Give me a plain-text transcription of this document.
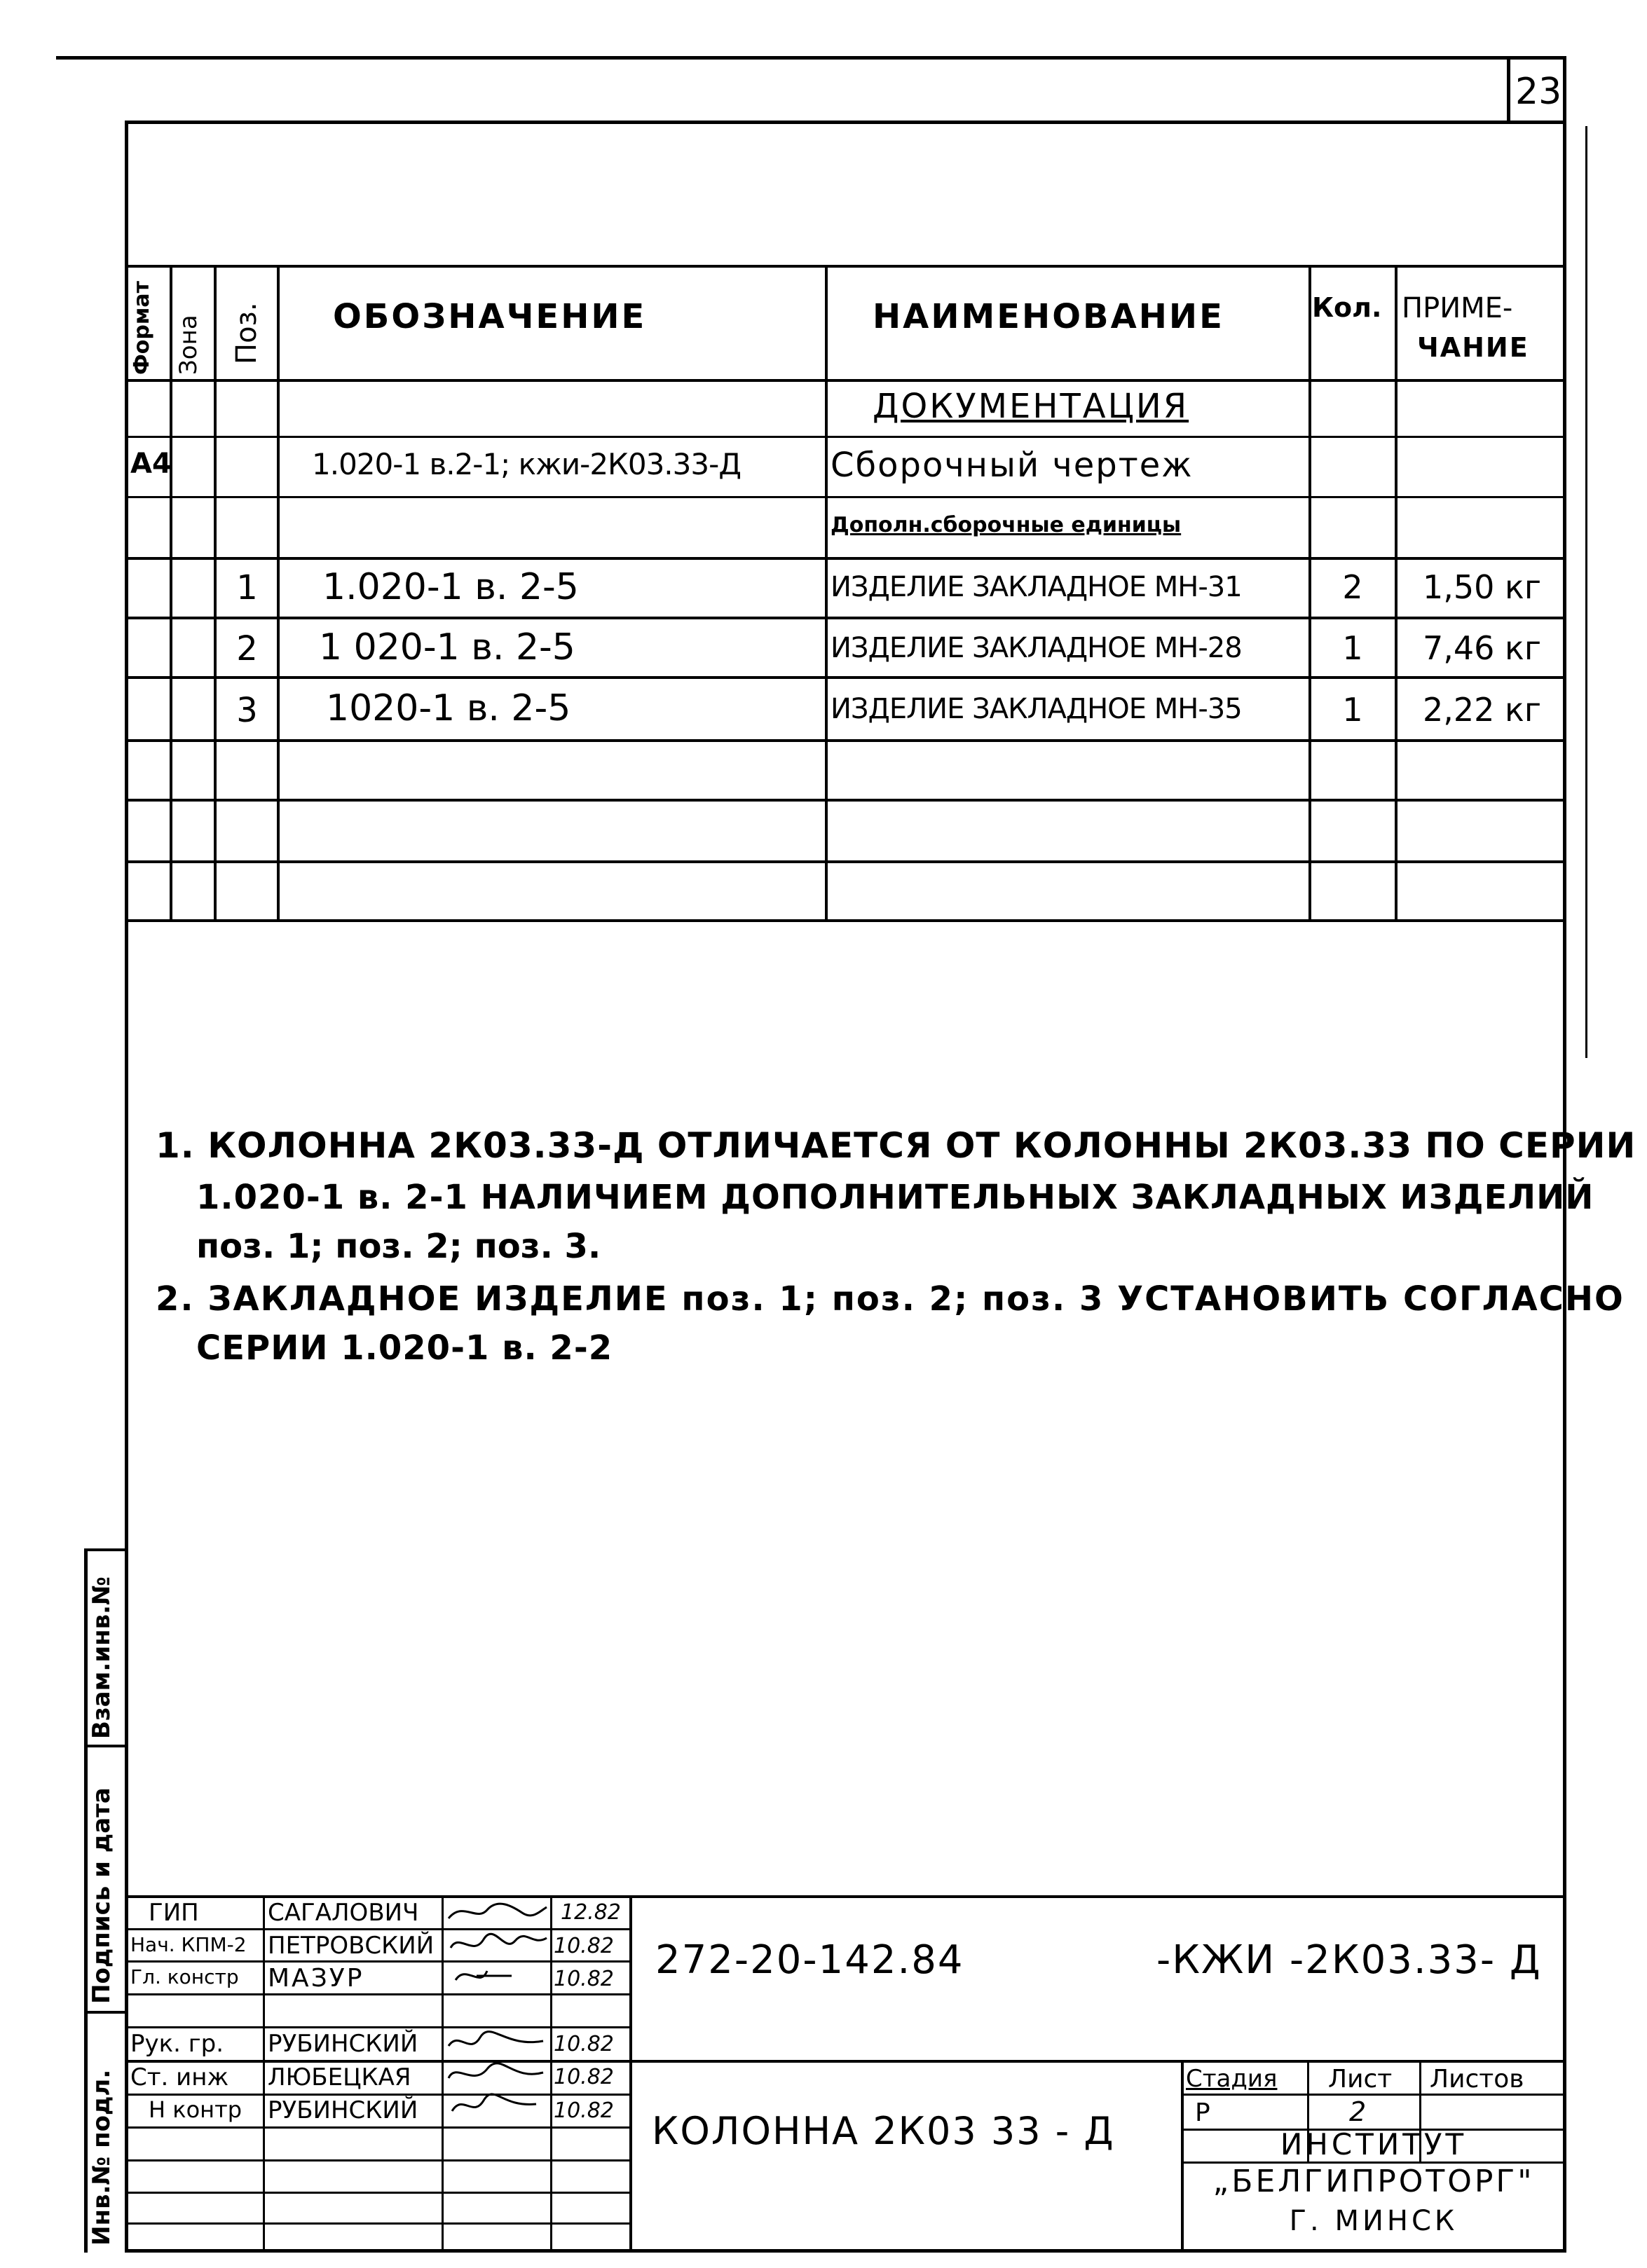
23
Формат Зона Поз. ОБОЗНАЧЕНИЕ	НАИМЕНОВАНИЕ	Кол. ПРИМЕ-
ЧАНИЕ
ДОКУМЕНТАЦИЯ
А4	1.020-1 в.2-1; кжи-2К03.33-Д	Сборочный чертеж
Дополн.сборочные единицы
1	1.020-1 в. 2-5	ИЗДЕЛИЕ ЗАКЛАДНОЕ МН-31	2	1,50 кг
2	1 020-1 в. 2-5	ИЗДЕЛИЕ ЗАКЛАДНОЕ МН-28	1	7,46 кг
3	1020-1 в. 2-5	ИЗДЕЛИЕ ЗАКЛАДНОЕ МН-35	1	2,22 кг
1. КОЛОННА 2К03.33-Д ОТЛИЧАЕТСЯ ОТ КОЛОННЫ 2К03.33 ПО СЕРИИ
1.020-1 в. 2-1 НАЛИЧИЕМ ДОПОЛНИТЕЛЬНЫХ ЗАКЛАДНЫХ ИЗДЕЛИЙ
поз. 1; поз. 2; поз. 3.
2. ЗАКЛАДНОЕ ИЗДЕЛИЕ поз. 1; поз. 2; поз. 3 УСТАНОВИТЬ СОГЛАСНО
СЕРИИ 1.020-1 в. 2-2
Взам.инв.№
Подпись и дата
Инв.№ подл.
ГИП	САГАЛОВИЧ	12.82
Нач. КПМ-2 ПЕТРОВСКИЙ	10.82
Гл. констр МАЗУР	10.82
Рук. гр. РУБИНСКИЙ	10.82
Ст. инж ЛЮБЕЦКАЯ	10.82
Н контр РУБИНСКИЙ	10.82
272-20-142.84	-КЖИ -2К03.33- Д
КОЛОННА 2К03 33 - Д
Стадия Лист Листов
Р	2
ИНСТИТУТ
„БЕЛГИПРОТОРГ"
Г. МИНСК
